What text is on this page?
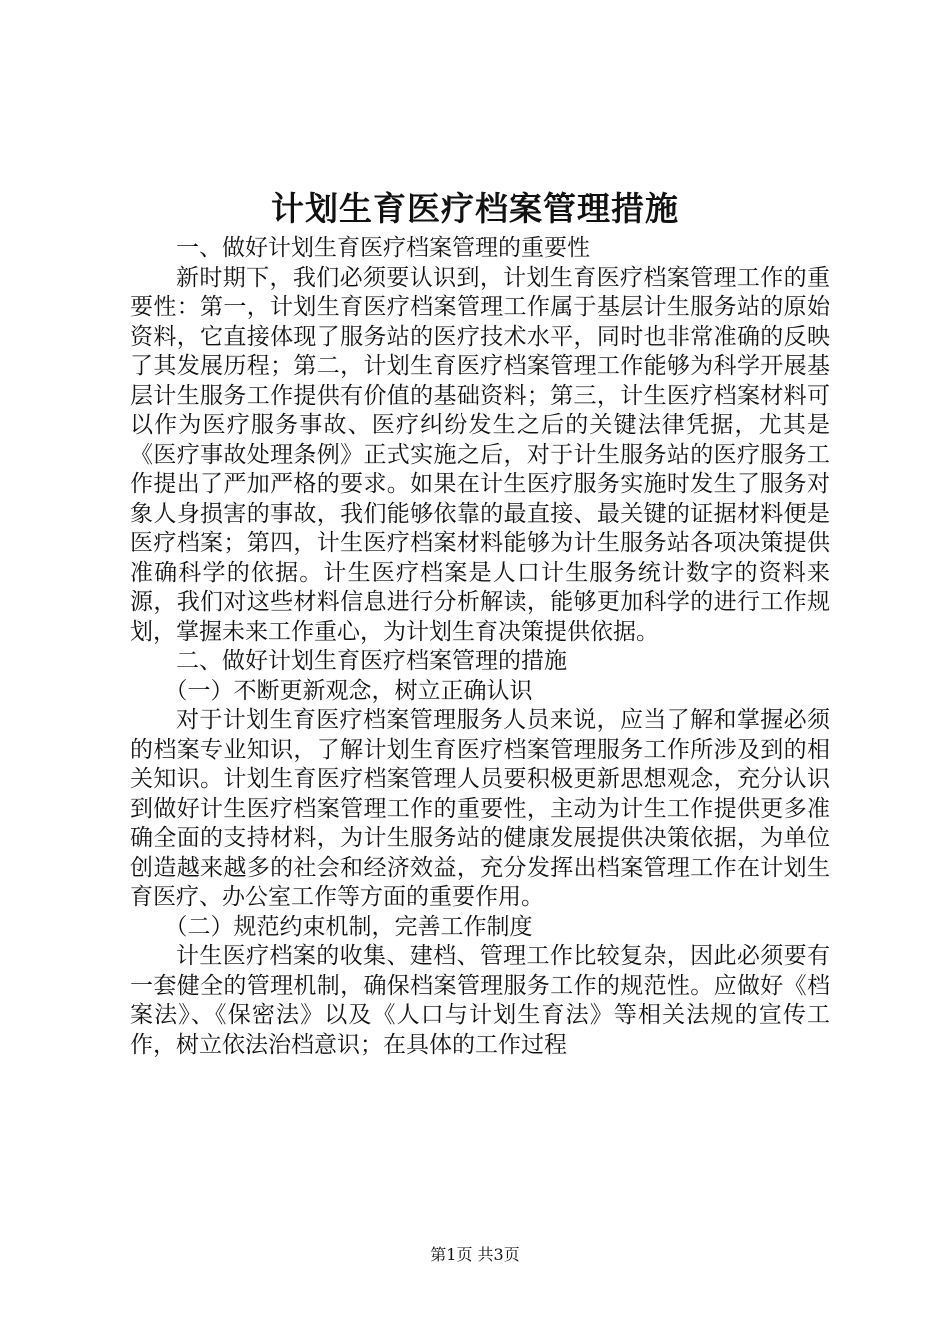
计划生育医疗档案管理措施

一、做好计划生育医疗档案管理的重要性

新时期下，我们必须要认识到，计划生育医疗档案管理工作的重要性：第一，计划生育医疗档案管理工作属于基层计生服务站的原始资料，它直接体现了服务站的医疗技术水平，同时也非常准确的反映了其发展历程；第二，计划生育医疗档案管理工作能够为科学开展基层计生服务工作提供有价值的基础资料；第三，计生医疗档案材料可以作为医疗服务事故、医疗纠纷发生之后的关键法律凭据，尤其是《医疗事故处理条例》正式实施之后，对于计生服务站的医疗服务工作提出了严加严格的要求。如果在计生医疗服务实施时发生了服务对象人身损害的事故，我们能够依靠的最直接、最关键的证据材料便是医疗档案；第四，计生医疗档案材料能够为计生服务站各项决策提供准确科学的依据。计生医疗档案是人口计生服务统计数字的资料来源，我们对这些材料信息进行分析解读，能够更加科学的进行工作规划，掌握未来工作重心，为计划生育决策提供依据。

二、做好计划生育医疗档案管理的措施

（一）不断更新观念，树立正确认识

对于计划生育医疗档案管理服务人员来说，应当了解和掌握必须的档案专业知识，了解计划生育医疗档案管理服务工作所涉及到的相关知识。计划生育医疗档案管理人员要积极更新思想观念，充分认识到做好计生医疗档案管理工作的重要性，主动为计生工作提供更多准确全面的支持材料，为计生服务站的健康发展提供决策依据，为单位创造越来越多的社会和经济效益，充分发挥出档案管理工作在计划生育医疗、办公室工作等方面的重要作用。

（二）规范约束机制，完善工作制度

计生医疗档案的收集、建档、管理工作比较复杂，因此必须要有一套健全的管理机制，确保档案管理服务工作的规范性。应做好《档案法》、《保密法》以及《人口与计划生育法》等相关法规的宣传工作，树立依法治档意识；在具体的工作过程

第1页 共3页
